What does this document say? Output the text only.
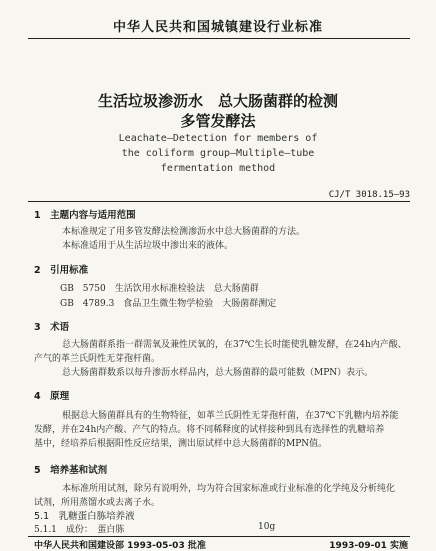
中华人民共和国城镇建设行业标准
生活垃圾渗沥水　总大肠菌群的检测
多管发酵法
Leachate—Detection for members of
the coliform group—Multiple—tube
fermentation method
CJ/T 3018.15—93
1　主题内容与适用范围
本标准规定了用多管发酵法检测渗沥水中总大肠菌群的方法。
本标准适用于从生活垃圾中渗出来的液体。
2　引用标准
GB　5750　生活饮用水标准检验法　总大肠菌群
GB　4789.3　食品卫生微生物学检验　大肠菌群测定
3　术语
总大肠菌群系指一群需氧及兼性厌氧的，在37℃生长时能使乳糖发酵，在24h内产酸、
产气的革兰氏阴性无芽孢杆菌。
总大肠菌群数系以每升渗沥水样品内，总大肠菌群的最可能数（MPN）表示。
4　原理
根据总大肠菌群具有的生物特征，如革兰氏阴性无芽孢杆菌，在37℃下乳糖内培养能
发酵，并在24h内产酸、产气的特点。将不同稀释度的试样接种到具有选择性的乳糖培养
基中，经培养后根据阳性反应结果，测出原试样中总大肠菌群的MPN值。
5　培养基和试剂
本标准所用试剂，除另有说明外，均为符合国家标准或行业标准的化学纯及分析纯化
试剂，所用蒸馏水或去离子水。
5.1　乳糖蛋白胨培养液
5.1.1　成份：　蛋白胨	10g
中华人民共和国建设部 1993-05-03 批准	1993-09-01 实施
